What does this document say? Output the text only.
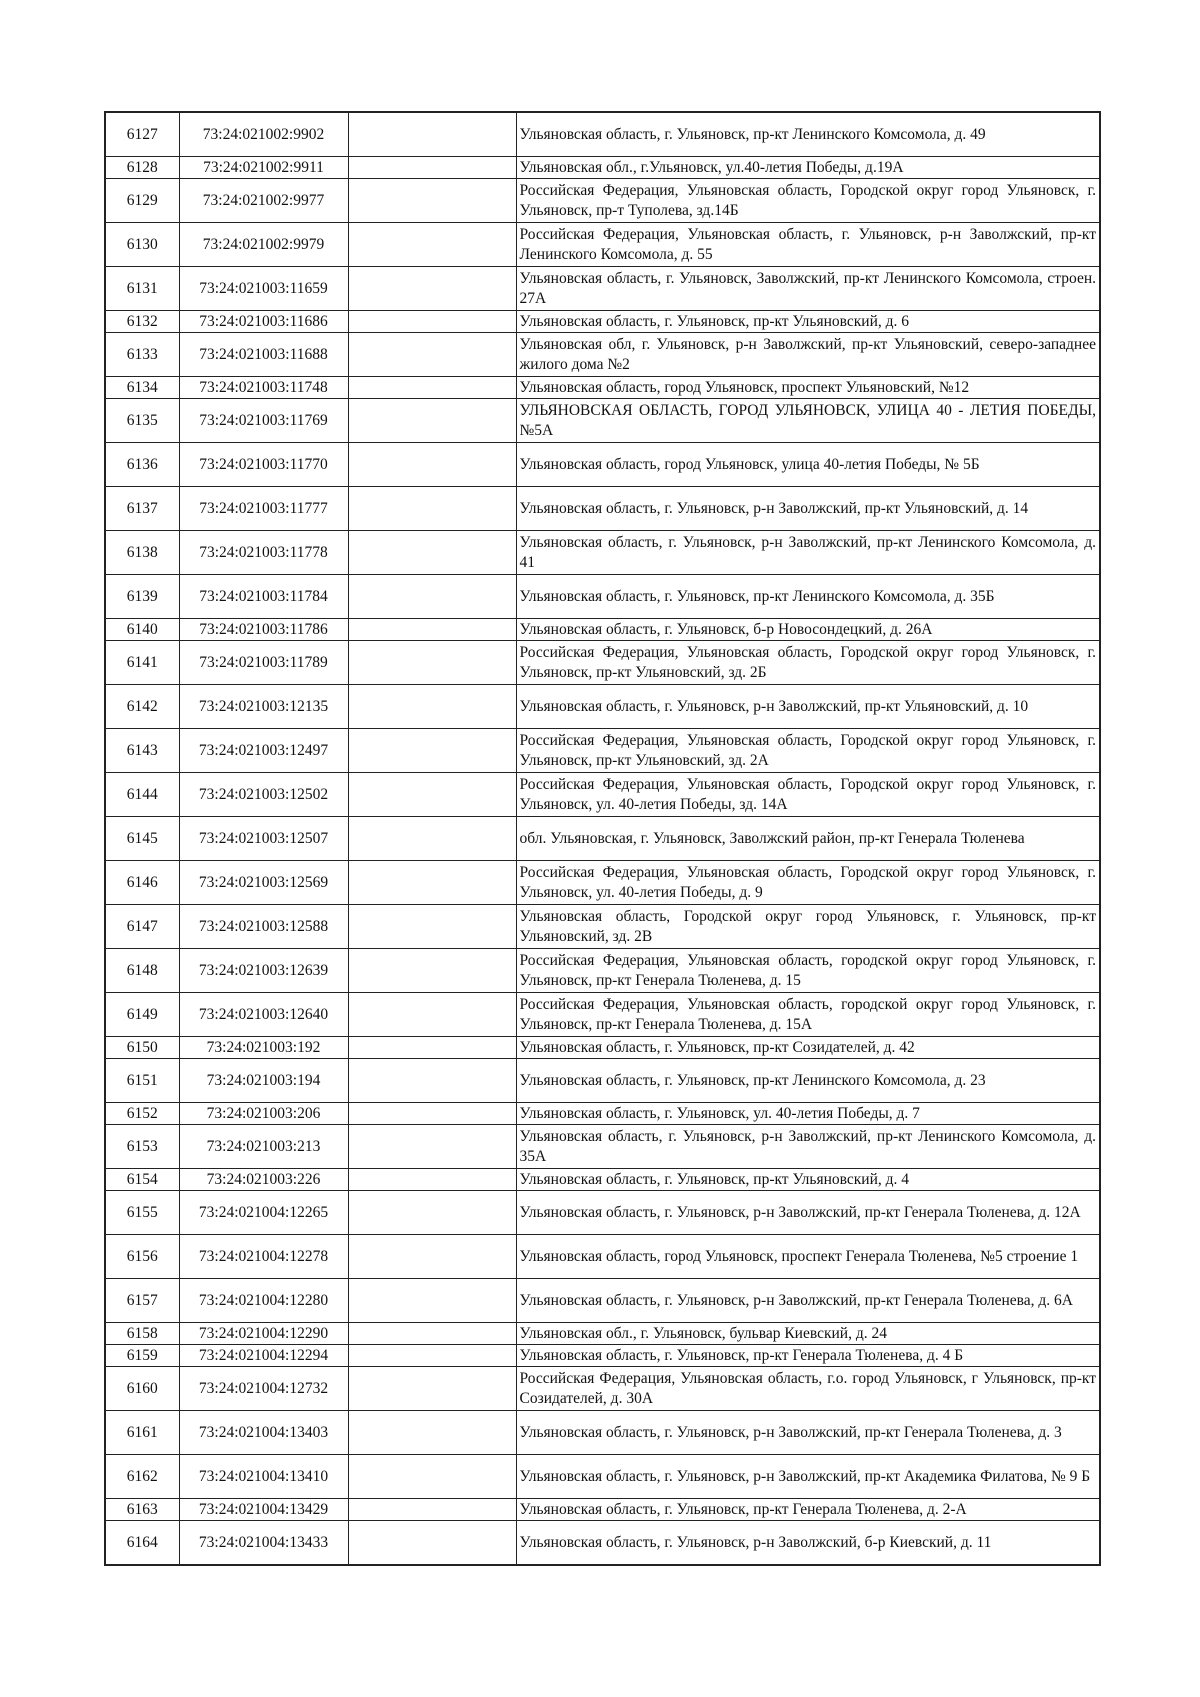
6127	73:24:021002:9902		Ульяновская область, г. Ульяновск, пр-кт Ленинского Комсомола, д. 49
6128	73:24:021002:9911		Ульяновская обл., г.Ульяновск, ул.40-летия Победы, д.19А
6129	73:24:021002:9977		Российская Федерация, Ульяновская область, Городской округ город Ульяновск, г. Ульяновск, пр-т Туполева, зд.14Б
6130	73:24:021002:9979		Российская Федерация, Ульяновская область, г. Ульяновск, р-н Заволжский, пр-кт Ленинского Комсомола, д. 55
6131	73:24:021003:11659		Ульяновская область, г. Ульяновск, Заволжский, пр-кт Ленинского Комсомола, строен. 27А
6132	73:24:021003:11686		Ульяновская область, г. Ульяновск, пр-кт Ульяновский, д. 6
6133	73:24:021003:11688		Ульяновская обл, г. Ульяновск, р-н Заволжский, пр-кт Ульяновский, северо-западнее жилого дома №2
6134	73:24:021003:11748		Ульяновская область, город Ульяновск, проспект Ульяновский, №12
6135	73:24:021003:11769		УЛЬЯНОВСКАЯ ОБЛАСТЬ, ГОРОД УЛЬЯНОВСК, УЛИЦА 40 - ЛЕТИЯ ПОБЕДЫ, №5А
6136	73:24:021003:11770		Ульяновская область, город Ульяновск, улица 40-летия Победы, № 5Б
6137	73:24:021003:11777		Ульяновская область, г. Ульяновск, р-н Заволжский, пр-кт Ульяновский, д. 14
6138	73:24:021003:11778		Ульяновская область, г. Ульяновск, р-н Заволжский, пр-кт Ленинского Комсомола, д. 41
6139	73:24:021003:11784		Ульяновская область, г. Ульяновск, пр-кт Ленинского Комсомола, д. 35Б
6140	73:24:021003:11786		Ульяновская область, г. Ульяновск, б-р Новосондецкий, д. 26А
6141	73:24:021003:11789		Российская Федерация, Ульяновская область, Городской округ город Ульяновск, г. Ульяновск, пр-кт Ульяновский, зд. 2Б
6142	73:24:021003:12135		Ульяновская область, г. Ульяновск, р-н Заволжский, пр-кт Ульяновский, д. 10
6143	73:24:021003:12497		Российская Федерация, Ульяновская область, Городской округ город Ульяновск, г. Ульяновск, пр-кт Ульяновский, зд. 2А
6144	73:24:021003:12502		Российская Федерация, Ульяновская область, Городской округ город Ульяновск, г. Ульяновск, ул. 40-летия Победы, зд. 14А
6145	73:24:021003:12507		обл. Ульяновская, г. Ульяновск, Заволжский район, пр-кт Генерала Тюленева
6146	73:24:021003:12569		Российская Федерация, Ульяновская область, Городской округ город Ульяновск, г. Ульяновск, ул. 40-летия Победы, д. 9
6147	73:24:021003:12588		Ульяновская область, Городской округ город Ульяновск, г. Ульяновск, пр-кт Ульяновский, зд. 2В
6148	73:24:021003:12639		Российская Федерация, Ульяновская область, городской округ город Ульяновск, г. Ульяновск, пр-кт Генерала Тюленева, д. 15
6149	73:24:021003:12640		Российская Федерация, Ульяновская область, городской округ город Ульяновск, г. Ульяновск, пр-кт Генерала Тюленева, д. 15А
6150	73:24:021003:192		Ульяновская область, г. Ульяновск, пр-кт Созидателей, д. 42
6151	73:24:021003:194		Ульяновская область, г. Ульяновск, пр-кт Ленинского Комсомола, д. 23
6152	73:24:021003:206		Ульяновская область, г. Ульяновск, ул. 40-летия Победы, д. 7
6153	73:24:021003:213		Ульяновская область, г. Ульяновск, р-н Заволжский, пр-кт Ленинского Комсомола, д. 35А
6154	73:24:021003:226		Ульяновская область, г. Ульяновск, пр-кт Ульяновский, д. 4
6155	73:24:021004:12265		Ульяновская область, г. Ульяновск, р-н Заволжский, пр-кт Генерала Тюленева, д. 12А
6156	73:24:021004:12278		Ульяновская область, город Ульяновск, проспект Генерала Тюленева, №5 строение 1
6157	73:24:021004:12280		Ульяновская область, г. Ульяновск, р-н Заволжский, пр-кт Генерала Тюленева, д. 6А
6158	73:24:021004:12290		Ульяновская обл., г. Ульяновск, бульвар Киевский, д. 24
6159	73:24:021004:12294		Ульяновская область, г. Ульяновск, пр-кт Генерала Тюленева, д. 4 Б
6160	73:24:021004:12732		Российская Федерация, Ульяновская область, г.о. город Ульяновск, г Ульяновск, пр-кт Созидателей, д. 30А
6161	73:24:021004:13403		Ульяновская область, г. Ульяновск, р-н Заволжский, пр-кт Генерала Тюленева, д. 3
6162	73:24:021004:13410		Ульяновская область, г. Ульяновск, р-н Заволжский, пр-кт Академика Филатова, № 9 Б
6163	73:24:021004:13429		Ульяновская область, г. Ульяновск, пр-кт Генерала Тюленева, д. 2-А
6164	73:24:021004:13433		Ульяновская область, г. Ульяновск, р-н Заволжский, б-р Киевский, д. 11
